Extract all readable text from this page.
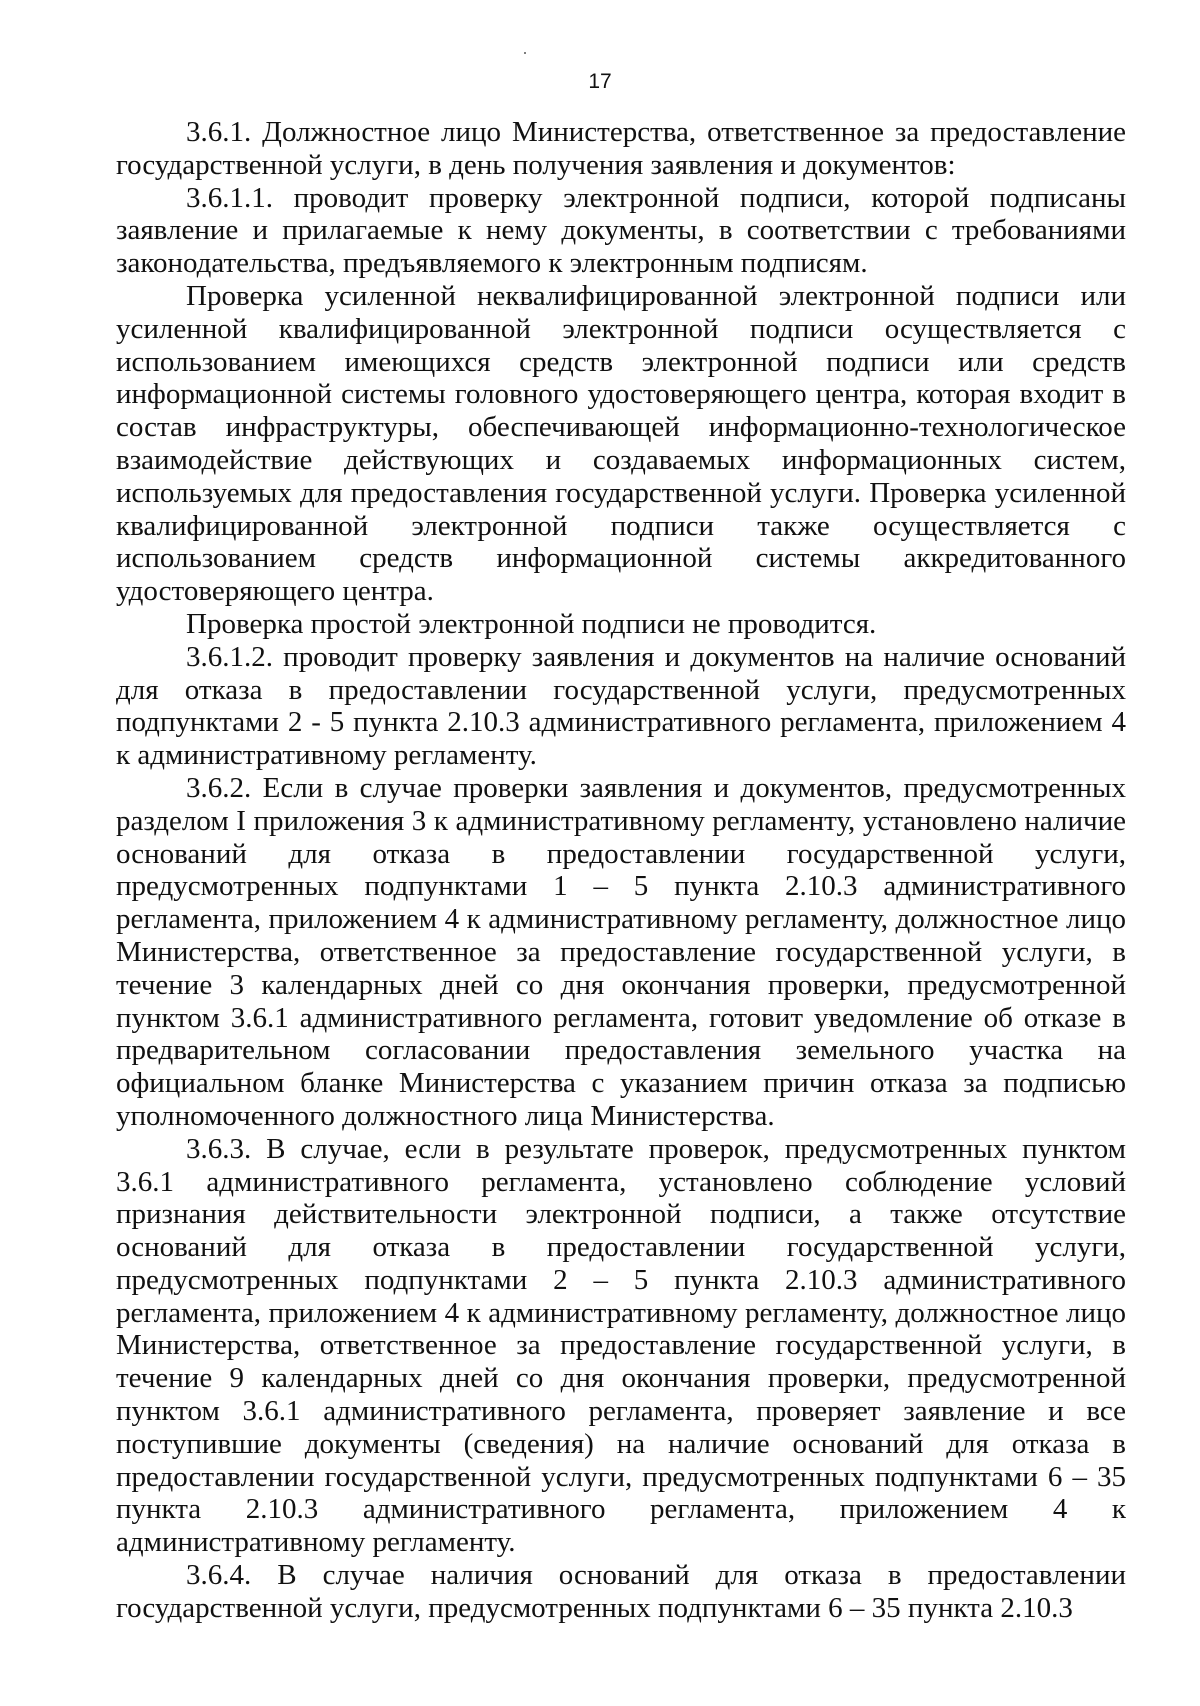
17

3.6.1. Должностное лицо Министерства, ответственное за предоставление государственной услуги, в день получения заявления и документов:

3.6.1.1. проводит проверку электронной подписи, которой подписаны заявление и прилагаемые к нему документы, в соответствии с требованиями законодательства, предъявляемого к электронным подписям.

Проверка усиленной неквалифицированной электронной подписи или усиленной квалифицированной электронной подписи осуществляется с использованием имеющихся средств электронной подписи или средств информационной системы головного удостоверяющего центра, которая входит в состав инфраструктуры, обеспечивающей информационно-технологическое взаимодействие действующих и создаваемых информационных систем, используемых для предоставления государственной услуги. Проверка усиленной квалифицированной электронной подписи также осуществляется с использованием средств информационной системы аккредитованного удостоверяющего центра.

Проверка простой электронной подписи не проводится.

3.6.1.2. проводит проверку заявления и документов на наличие оснований для отказа в предоставлении государственной услуги, предусмотренных подпунктами 2 - 5 пункта 2.10.3 административного регламента, приложением 4 к административному регламенту.

3.6.2. Если в случае проверки заявления и документов, предусмотренных разделом I приложения 3 к административному регламенту, установлено наличие оснований для отказа в предоставлении государственной услуги, предусмотренных подпунктами 1 – 5 пункта 2.10.3 административного регламента, приложением 4 к административному регламенту, должностное лицо Министерства, ответственное за предоставление государственной услуги, в течение 3 календарных дней со дня окончания проверки, предусмотренной пунктом 3.6.1 административного регламента, готовит уведомление об отказе в предварительном согласовании предоставления земельного участка на официальном бланке Министерства с указанием причин отказа за подписью уполномоченного должностного лица Министерства.

3.6.3. В случае, если в результате проверок, предусмотренных пунктом 3.6.1 административного регламента, установлено соблюдение условий признания действительности электронной подписи, а также отсутствие оснований для отказа в предоставлении государственной услуги, предусмотренных подпунктами 2 – 5 пункта 2.10.3 административного регламента, приложением 4 к административному регламенту, должностное лицо Министерства, ответственное за предоставление государственной услуги, в течение 9 календарных дней со дня окончания проверки, предусмотренной пунктом 3.6.1 административного регламента, проверяет заявление и все поступившие документы (сведения) на наличие оснований для отказа в предоставлении государственной услуги, предусмотренных подпунктами 6 – 35 пункта 2.10.3 административного регламента, приложением 4 к административному регламенту.

3.6.4. В случае наличия оснований для отказа в предоставлении государственной услуги, предусмотренных подпунктами 6 – 35 пункта 2.10.3
